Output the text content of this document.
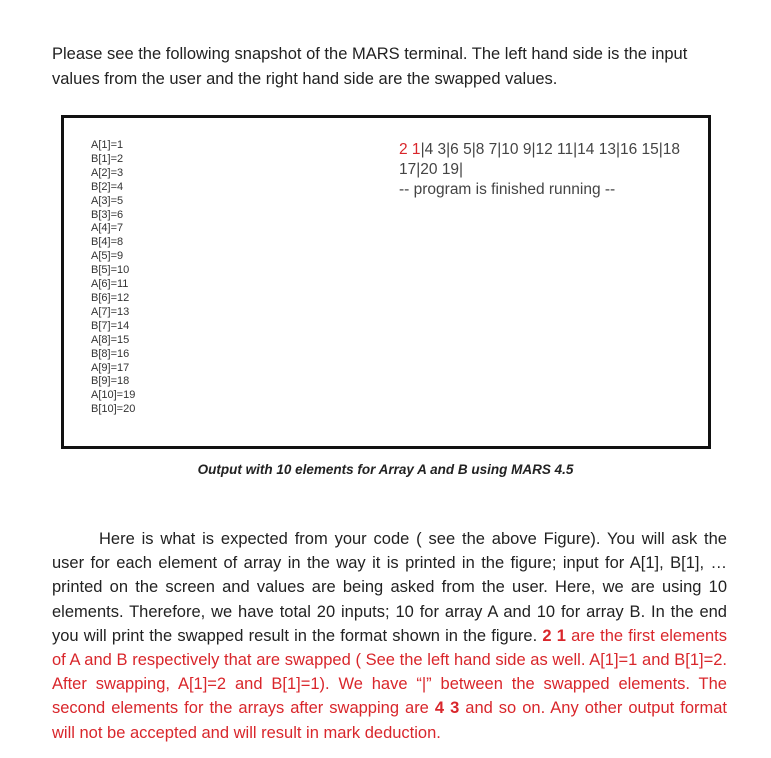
Please see the following snapshot of the MARS terminal. The left hand side is the input values from the user and the right hand side are the swapped values.

A[1]=1
B[1]=2
A[2]=3
B[2]=4
A[3]=5
B[3]=6
A[4]=7
B[4]=8
A[5]=9
B[5]=10
A[6]=11
B[6]=12
A[7]=13
B[7]=14
A[8]=15
B[8]=16
A[9]=17
B[9]=18
A[10]=19
B[10]=20
2 1|4 3|6 5|8 7|10 9|12 11|14 13|16 15|18 17|20 19|
-- program is finished running --
Output with 10 elements for Array A and B using MARS 4.5

Here is what is expected from your code ( see the above Figure). You will ask the user for each element of array in the way it is printed in the figure; input for A[1], B[1], … printed on the screen and values are being asked from the user. Here, we are using 10 elements. Therefore, we have total 20 inputs; 10 for array A and 10 for array B. In the end you will print the swapped result in the format shown in the figure. 2 1 are the first elements of A and B respectively that are swapped ( See the left hand side as well. A[1]=1 and B[1]=2. After swapping, A[1]=2 and B[1]=1). We have “|” between the swapped elements. The second elements for the arrays after swapping are 4 3 and so on. Any other output format will not be accepted and will result in mark deduction.
